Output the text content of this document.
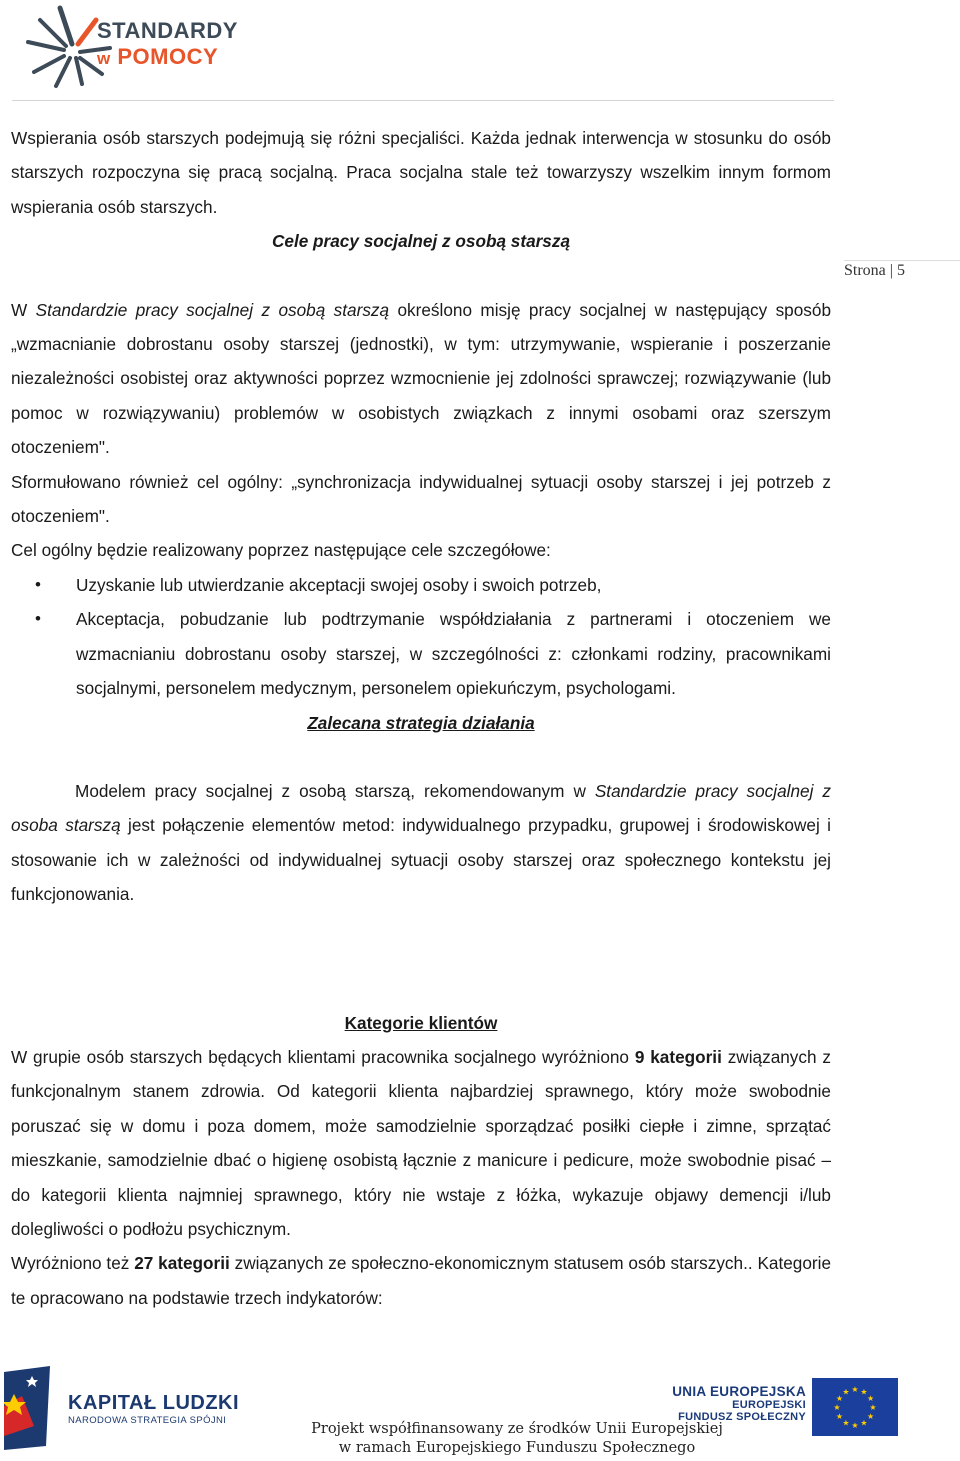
STANDARDY
w POMOCY
Strona | 5

Wspierania osób starszych podejmują się różni specjaliści. Każda jednak interwencja w stosunku do osób starszych rozpoczyna się pracą socjalną. Praca socjalna stale też towarzyszy wszelkim innym formom wspierania osób starszych.

Cele pracy socjalnej z osobą starszą

W Standardzie pracy socjalnej z osobą starszą określono misję pracy socjalnej w następujący sposób „wzmacnianie dobrostanu osoby starszej (jednostki), w tym: utrzymywanie, wspieranie i poszerzanie niezależności osobistej oraz aktywności poprzez wzmocnienie jej zdolności sprawczej; rozwiązywanie (lub pomoc w rozwiązywaniu) problemów w osobistych związkach z innymi osobami oraz szerszym otoczeniem".

Sformułowano również cel ogólny: „synchronizacja indywidualnej sytuacji osoby starszej i jej potrzeb z otoczeniem".

Cel ogólny będzie realizowany poprzez następujące cele szczegółowe:

• Uzyskanie lub utwierdzanie akceptacji swojej osoby i swoich potrzeb,
• Akceptacja, pobudzanie lub podtrzymanie współdziałania z partnerami i otoczeniem we wzmacnianiu dobrostanu osoby starszej, w szczególności z: członkami rodziny, pracownikami socjalnymi, personelem medycznym, personelem opiekuńczym, psychologami.

Zalecana strategia działania

Modelem pracy socjalnej z osobą starszą, rekomendowanym w Standardzie pracy socjalnej z osoba starszą jest połączenie elementów metod: indywidualnego przypadku, grupowej i środowiskowej i stosowanie ich w zależności od indywidualnej sytuacji osoby starszej oraz społecznego kontekstu jej funkcjonowania.

Kategorie klientów

W grupie osób starszych będących klientami pracownika socjalnego wyróżniono 9 kategorii związanych z funkcjonalnym stanem zdrowia. Od kategorii klienta najbardziej sprawnego, który może swobodnie poruszać się w domu i poza domem, może samodzielnie sporządzać posiłki ciepłe i zimne, sprzątać mieszkanie, samodzielnie dbać o higienę osobistą łącznie z manicure i pedicure, może swobodnie pisać – do kategorii klienta najmniej sprawnego, który nie wstaje z łóżka, wykazuje objawy demencji i/lub dolegliwości o podłożu psychicznym.

Wyróżniono też 27 kategorii związanych ze społeczno-ekonomicznym statusem osób starszych.. Kategorie te opracowano na podstawie trzech indykatorów:

KAPITAŁ LUDZKI
NARODOWA STRATEGIA SPÓJNI
Projekt współfinansowany ze środków Unii Europejskiej
w ramach Europejskiego Funduszu Społecznego
UNIA EUROPEJSKA
EUROPEJSKI
FUNDUSZ SPOŁECZNY
★
★
★
★
★
★
★
★
★ ★ ★
★
